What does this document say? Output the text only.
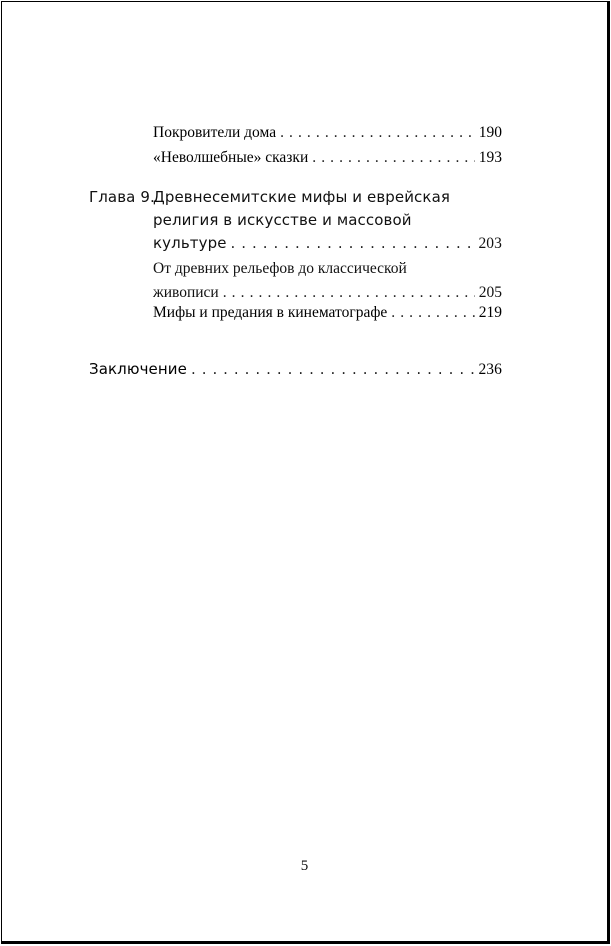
Покровители дома . . .	190
«Неволшебные» сказки . . .	193
Глава 9.
Древнесемитские мифы и еврейская
религия в искусстве и массовой
культуре . . .	203
От древних рельефов до классической
живописи . . .	205
Мифы и предания в кинематографе . . .	219
Заключение . . .	236
5
